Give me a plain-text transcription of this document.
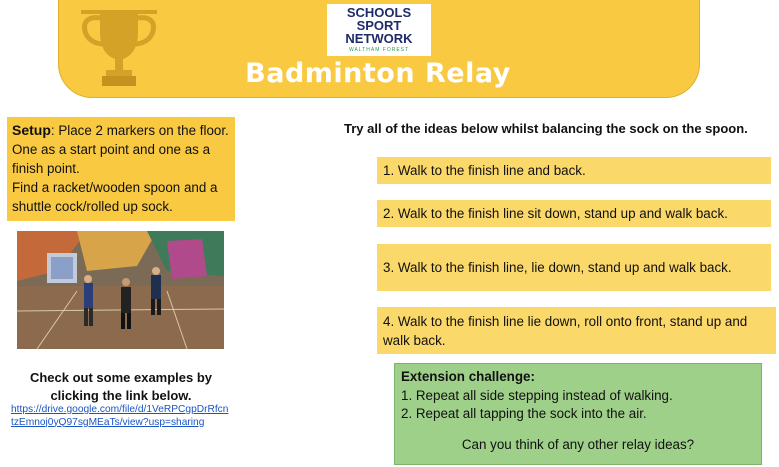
SCHOOLS
SPORT
NETWORK
WALTHAM FOREST
Badminton Relay
Setup: Place 2 markers on the floor. One as a start point and one as a finish point.
Find a racket/wooden spoon and a shuttle cock/rolled up sock.
Check out some examples by clicking the link below.
https://drive.google.com/file/d/1VeRPCgpDrRfcntzEmnoj0yQ97sgMEaTs/view?usp=sharing
Try all of the ideas below whilst balancing the sock on the spoon.
1. Walk to the finish line and back.
2. Walk to the finish line sit down, stand up and walk back.
3. Walk to the finish line, lie down, stand up and walk back.
4. Walk to the finish line lie down, roll onto front, stand up and walk back.
Extension challenge:
1. Repeat all side stepping instead of walking.
2. Repeat all tapping the sock into the air.
Can you think of any other relay ideas?
